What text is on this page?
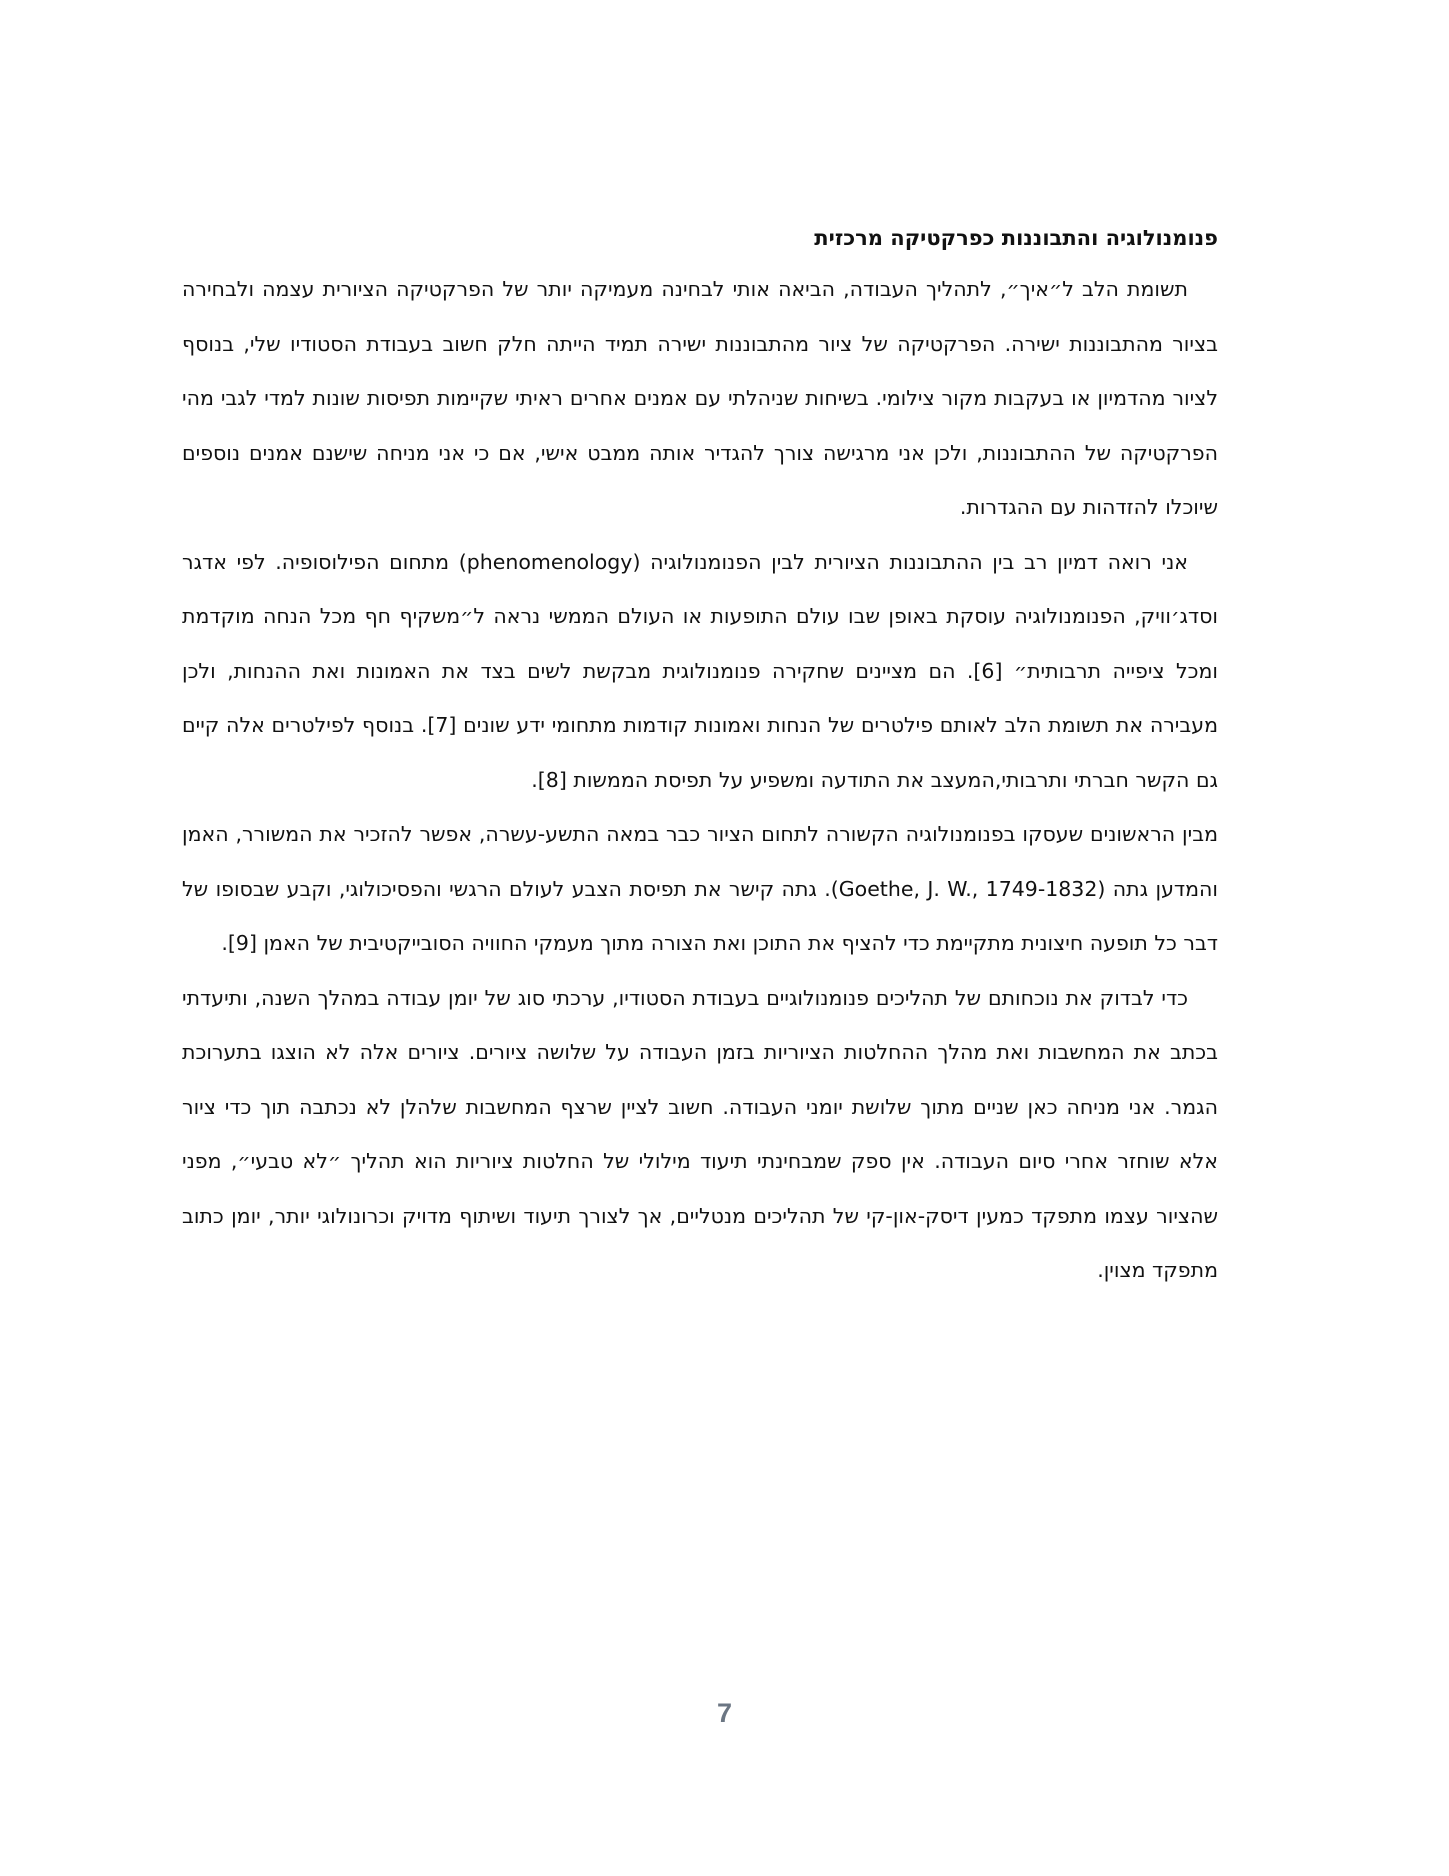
פנומנולוגיה והתבוננות כפרקטיקה מרכזית

תשומת הלב ל״איך״, לתהליך העבודה, הביאה אותי לבחינה מעמיקה יותר של הפרקטיקה הציורית עצמה ולבחירה בציור מהתבוננות ישירה. הפרקטיקה של ציור מהתבוננות ישירה תמיד הייתה חלק חשוב בעבודת הסטודיו שלי, בנוסף לציור מהדמיון או בעקבות מקור צילומי. בשיחות שניהלתי עם אמנים אחרים ראיתי שקיימות תפיסות שונות למדי לגבי מהי הפרקטיקה של ההתבוננות, ולכן אני מרגישה צורך להגדיר אותה ממבט אישי, אם כי אני מניחה שישנם אמנים נוספים שיוכלו להזדהות עם ההגדרות.

אני רואה דמיון רב בין ההתבוננות הציורית לבין הפנומנולוגיה (phenomenology) מתחום הפילוסופיה. לפי אדגר וסדג׳וויק, הפנומנולוגיה עוסקת באופן שבו עולם התופעות או העולם הממשי נראה ל״משקיף חף מכל הנחה מוקדמת ומכל ציפייה תרבותית״ [6]. הם מציינים שחקירה פנומנולוגית מבקשת לשים בצד את האמונות ואת ההנחות, ולכן מעבירה את תשומת הלב לאותם פילטרים של הנחות ואמונות קודמות מתחומי ידע שונים [7]. בנוסף לפילטרים אלה קיים גם הקשר חברתי ותרבותי,המעצב את התודעה ומשפיע על תפיסת הממשות [8].

מבין הראשונים שעסקו בפנומנולוגיה הקשורה לתחום הציור כבר במאה התשע-עשרה, אפשר להזכיר את המשורר, האמן והמדען גתה (Goethe, J. W., 1749-1832). גתה קישר את תפיסת הצבע לעולם הרגשי והפסיכולוגי, וקבע שבסופו של דבר כל תופעה חיצונית מתקיימת כדי להציף את התוכן ואת הצורה מתוך מעמקי החוויה הסובייקטיבית של האמן [9].

כדי לבדוק את נוכחותם של תהליכים פנומנולוגיים בעבודת הסטודיו, ערכתי סוג של יומן עבודה במהלך השנה, ותיעדתי בכתב את המחשבות ואת מהלך ההחלטות הציוריות בזמן העבודה על שלושה ציורים. ציורים אלה לא הוצגו בתערוכת הגמר. אני מניחה כאן שניים מתוך שלושת יומני העבודה. חשוב לציין שרצף המחשבות שלהלן לא נכתבה תוך כדי ציור אלא שוחזר אחרי סיום העבודה. אין ספק שמבחינתי תיעוד מילולי של החלטות ציוריות הוא תהליך ״לא טבעי״, מפני שהציור עצמו מתפקד כמעין דיסק-און-קי של תהליכים מנטליים, אך לצורך תיעוד ושיתוף מדויק וכרונולוגי יותר, יומן כתוב מתפקד מצוין.

7
